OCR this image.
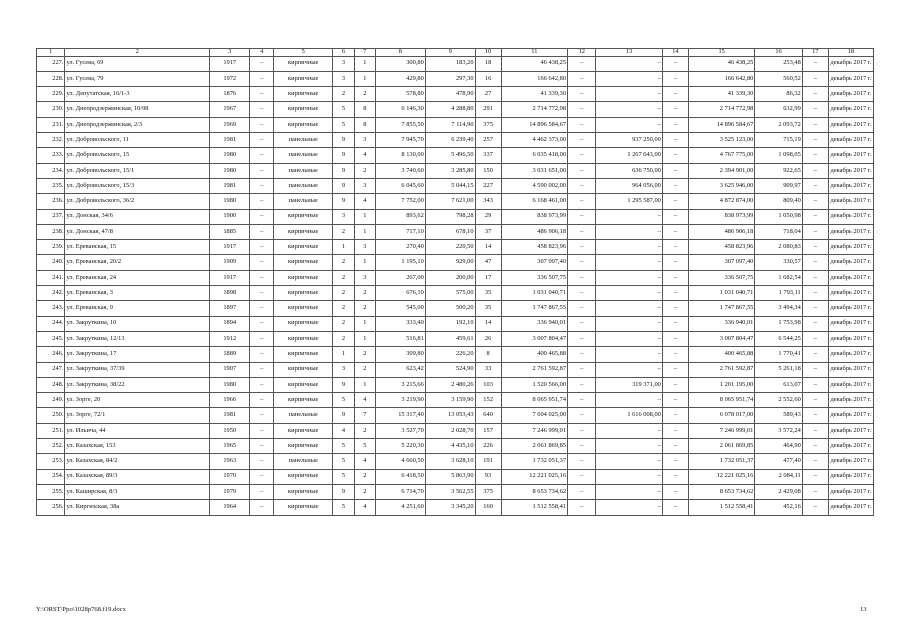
1	2	3	4	5	6	7	8	9	10	11	12	13	14	15	16	17	18
227.	ул. Гусева, 69	1917	–	кирпичные	3	1	300,80	183,20	18	46 438,25	–	–	–	46 438,25	253,48	–	декабрь 2017 г.
228.	ул. Гусева, 79	1972	–	кирпичные	3	1	429,80	297,30	16	166 642,80	–	–	–	166 642,80	560,52	–	декабрь 2017 г.
229.	ул. Депутатская, 16/1-3	1876	–	кирпичные	2	2	578,80	478,90	27	41 339,30	–	–	–	41 339,30	86,32	–	декабрь 2017 г.
230.	ул. Днепродзержинская, 10/98	1967	–	кирпичные	5	8	6 146,30	4 288,80	291	2 714 772,98	–	–	–	2 714 772,98	632,99	–	декабрь 2017 г.
231.	ул. Днепродзержинская, 2/3	1969	–	кирпичные	5	8	7 855,50	7 114,90	375	14 896 584,67	–	–	–	14 896 584,67	2 093,72	–	декабрь 2017 г.
232.	ул. Добровольского, 11	1981	–	панельные	9	3	7 945,70	6 239,40	257	4 462 373,00	–	937 250,00	–	3 525 123,00	715,19	–	декабрь 2017 г.
233.	ул. Добровольского, 15	1980	–	панельные	9	4	8 130,00	5 496,50	337	6 035 418,00	–	1 267 643,00	–	4 767 775,00	1 098,05	–	декабрь 2017 г.
234.	ул. Добровольского, 15/1	1980	–	панельные	9	2	3 740,60	3 285,80	150	3 031 651,00	–	636 750,00	–	2 394 901,00	922,65	–	декабрь 2017 г.
235.	ул. Добровольского, 15/3	1981	–	панельные	9	3	6 045,60	5 044,15	227	4 590 002,00	–	964 056,00	–	3 625 946,00	909,97	–	декабрь 2017 г.
236.	ул. Добровольского, 36/2	1980	–	панельные	9	4	7 752,00	7 621,00	343	6 168 461,00	–	1 295 587,00	–	4 872 874,00	809,40	–	декабрь 2017 г.
237.	ул. Донская, 34/6	1900	–	кирпичные	3	1	893,62	798,28	29	838 973,99	–	–	–	838 973,99	1 050,98	–	декабрь 2017 г.
238.	ул. Донская, 47/8	1885	–	кирпичные	2	1	717,10	678,10	37	486 906,18	–	–	–	486 906,18	718,04	–	декабрь 2017 г.
239.	ул. Ереванская, 15	1917	–	кирпичные	1	3	270,40	220,50	14	458 823,96	–	–	–	458 823,96	2 080,83	–	декабрь 2017 г.
240.	ул. Ереванская, 20/2	1909	–	кирпичные	2	1	1 195,10	929,00	47	307 097,40	–	–	–	307 097,40	330,57	–	декабрь 2017 г.
241.	ул. Ереванская, 24	1917	–	кирпичные	2	3	267,00	200,00	17	336 507,75	–	–	–	336 507,75	1 682,54	–	декабрь 2017 г.
242.	ул. Ереванская, 3	1898	–	кирпичные	2	2	676,10	575,00	35	1 031 040,71	–	–	–	1 031 040,71	1 793,11	–	декабрь 2017 г.
243.	ул. Ереванская, 9	1897	–	кирпичные	2	2	545,00	500,20	35	1 747 867,55	–	–	–	1 747 867,55	3 494,34	–	декабрь 2017 г.
244.	ул. Закруткина, 10	1894	–	кирпичные	2	1	333,40	192,10	14	336 940,01	–	–	–	336 940,01	1 753,98	–	декабрь 2017 г.
245.	ул. Закруткина, 12/13	1912	–	кирпичные	2	1	516,81	459,61	26	3 007 804,47	–	–	–	3 007 804,47	6 544,25	–	декабрь 2017 г.
246.	ул. Закруткина, 17	1889	–	кирпичные	1	2	309,80	226,20	8	400 465,88	–	–	–	400 465,88	1 770,41	–	декабрь 2017 г.
247.	ул. Закруткина, 37/39	1907	–	кирпичные	3	2	623,42	524,90	33	2 761 592,87	–	–	–	2 761 592,87	5 261,18	–	декабрь 2017 г.
248.	ул. Закруткина, 38/22	1980	–	кирпичные	9	1	3 215,66	2 480,26	103	1 520 566,00	–	319 371,00	–	1 201 195,00	613,07	–	декабрь 2017 г.
249.	ул. Зорге, 20	1966	–	кирпичные	5	4	3 219,90	3 159,90	152	8 065 951,74	–	–	–	8 065 951,74	2 552,60	–	декабрь 2017 г.
250.	ул. Зорге, 72/1	1981	–	панельные	9	7	15 317,40	13 053,43	640	7 694 025,00	–	1 616 008,00	–	6 078 017,00	589,43	–	декабрь 2017 г.
251.	ул. Ильича, 44	1950	–	кирпичные	4	2	3 527,70	2 028,70	157	7 246 999,01	–	–	–	7 246 999,01	3 572,24	–	декабрь 2017 г.
252.	ул. Казахская, 153	1965	–	кирпичные	5	5	5 220,30	4 435,10	226	2 061 869,85	–	–	–	2 061 869,85	464,90	–	декабрь 2017 г.
253.	ул. Казахская, 84/2	1963	–	панельные	5	4	4 660,50	3 628,10	191	1 732 051,37	–	–	–	1 732 051,37	477,40	–	декабрь 2017 г.
254.	ул. Казахская, 89/3	1970	–	кирпичные	5	2	6 418,50	5 863,90	93	12 221 025,16	–	–	–	12 221 025,16	2 084,11	–	декабрь 2017 г.
255.	ул. Каширская, 8/3	1979	–	кирпичные	9	2	6 714,70	3 562,55	375	8 653 734,62	–	–	–	8 653 734,62	2 429,08	–	декабрь 2017 г.
256.	ул. Киргизская, 38а	1964	–	кирпичные	5	4	4 251,60	3 345,20	160	1 512 558,41	–	–	–	1 512 558,41	452,16	–	декабрь 2017 г.
Y:\ORST\Ppo\1028p768.f19.docx	13
